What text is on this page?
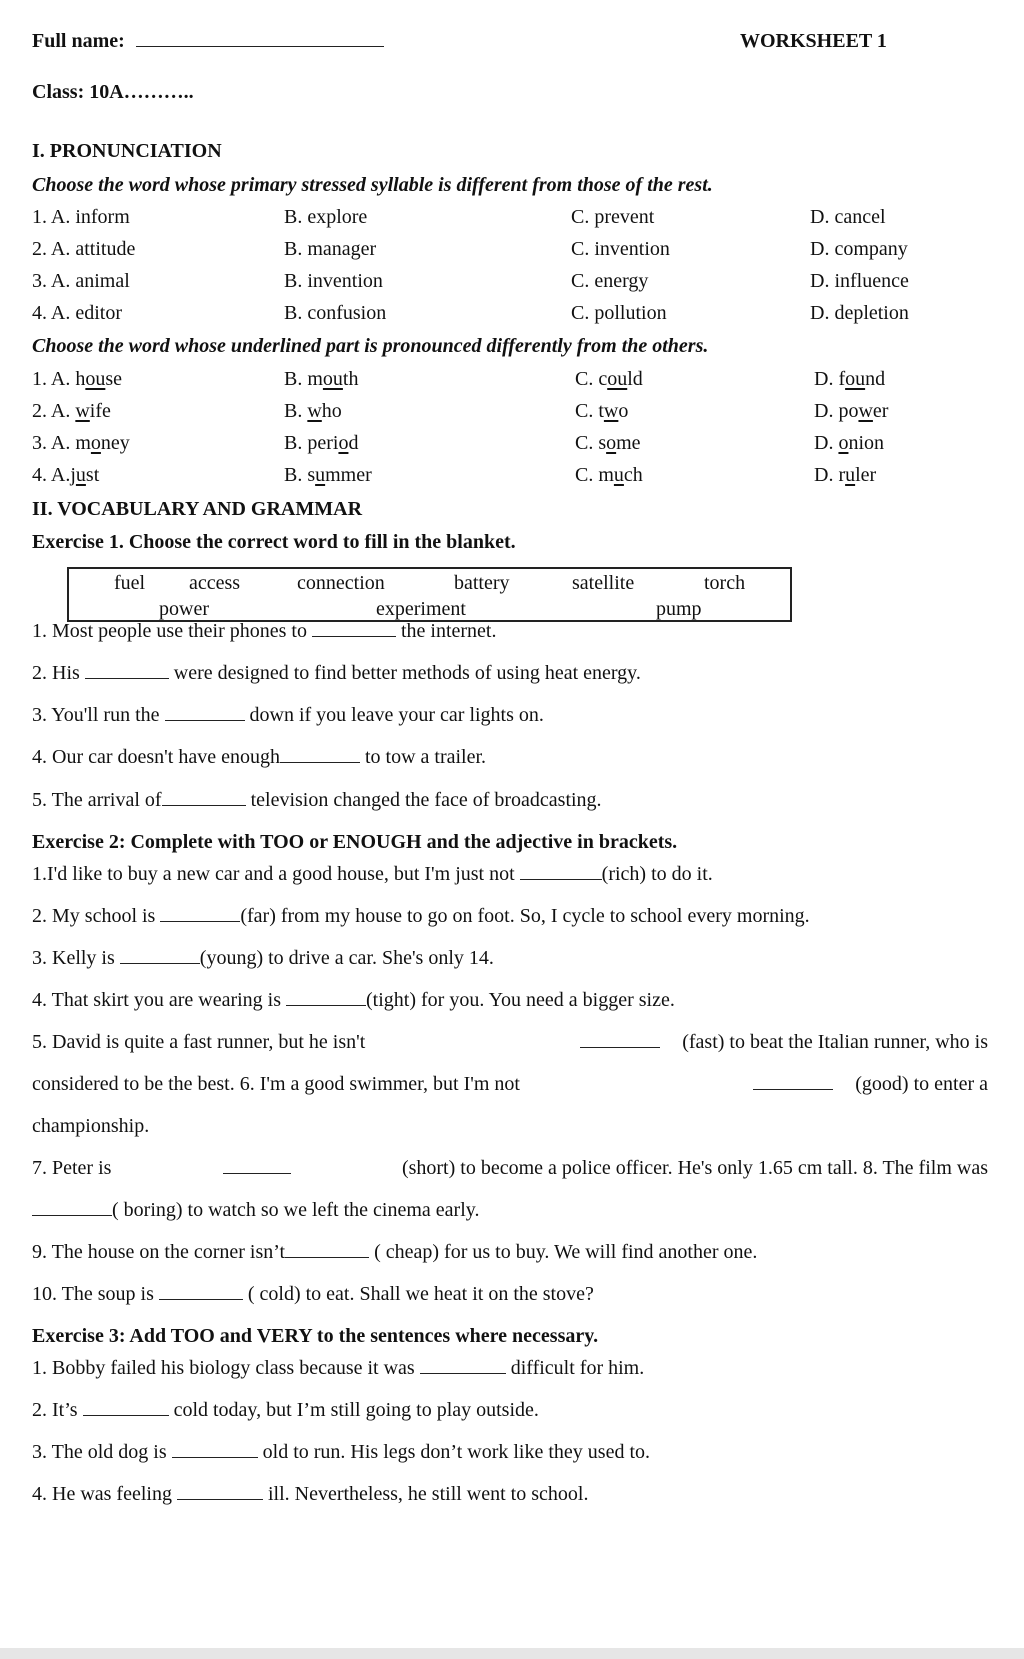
Full name:	WORKSHEET 1
Class: 10A………..
I. PRONUNCIATION
Choose the word whose primary stressed syllable is different from those of the rest.
1. A. inform	B. explore	C. prevent	D. cancel
2. A. attitude	B. manager	C. invention	D. company
3. A. animal	B. invention	C. energy	D. influence
4. A. editor	B. confusion	C. pollution	D. depletion
Choose the word whose underlined part is pronounced differently from the others.
1. A. house	B. mouth	C. could	D. found
2. A. wife	B. who	C. two	D. power
3. A. money	B. period	C. some	D. onion
4. A.just	B. summer	C. much	D. ruler
II. VOCABULARY AND GRAMMAR
Exercise 1. Choose the correct word to fill in the blanket.
fuel access	connection	battery	satellite	torch
power	experiment	pump
1. Most people use their phones to	the internet.
2. His	were designed to find better methods of using heat energy.
3. You'll run the	down if you leave your car lights on.
4. Our car doesn't have enough	to tow a trailer.
5. The arrival of	television changed the face of broadcasting.
Exercise 2: Complete with TOO or ENOUGH and the adjective in brackets.
1.I'd like to buy a new car and a good house, but I'm just not	(rich) to do it.
2. My school is	(far) from my house to go on foot. So, I cycle to school every morning.
3. Kelly is	(young) to drive a car. She's only 14.
4. That skirt you are wearing is	(tight) for you. You need a bigger size.
5. David is quite a fast runner, but he isn't	(fast) to beat the Italian runner, who is
considered to be the best. 6. I'm a good swimmer, but I'm not	(good) to enter a
championship.
7. Peter is	(short) to become a police officer. He's only 1.65 cm tall. 8. The film was
( boring) to watch so we left the cinema early.
9. The house on the corner isn’t	( cheap) for us to buy. We will find another one.
10. The soup is	( cold) to eat. Shall we heat it on the stove?
Exercise 3: Add TOO and VERY to the sentences where necessary.
1. Bobby failed his biology class because it was	difficult for him.
2. It’s	cold today, but I’m still going to play outside.
3. The old dog is	old to run. His legs don’t work like they used to.
4. He was feeling	ill. Nevertheless, he still went to school.
